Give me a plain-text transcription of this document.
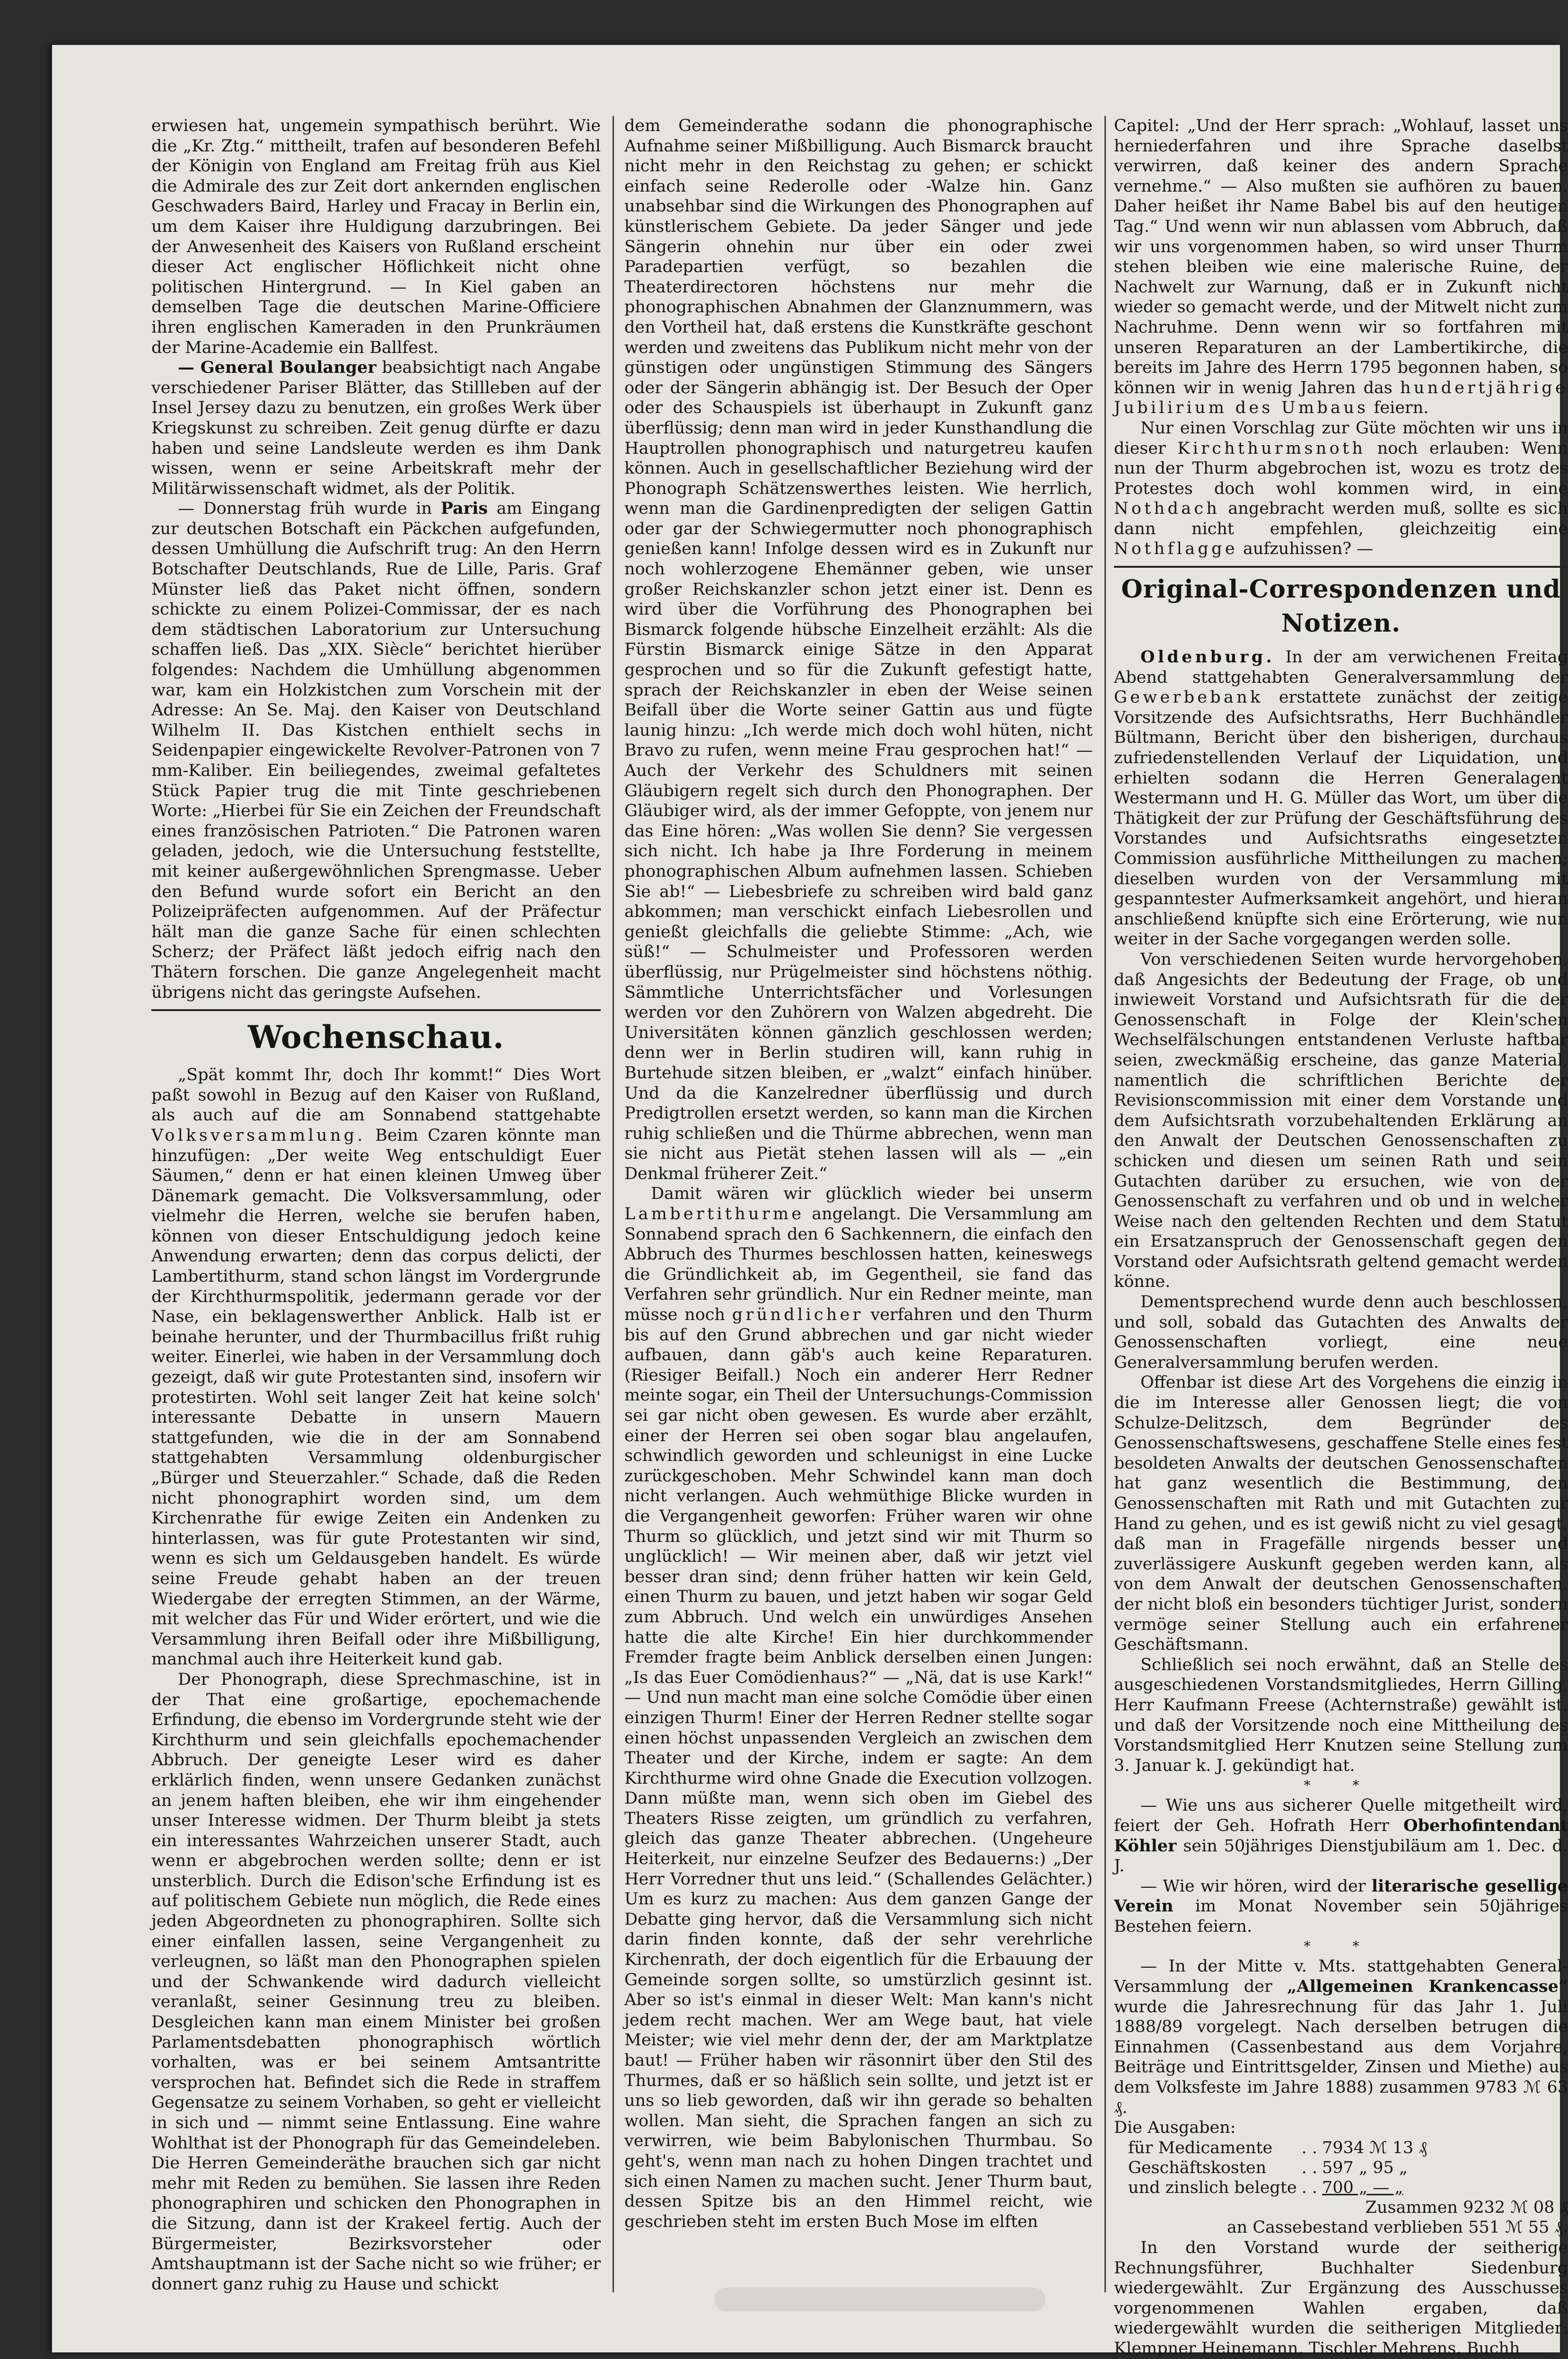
erwiesen hat, ungemein sympathisch berührt. Wie die „Kr. Ztg.“ mittheilt, trafen auf besonderen Befehl der Königin von England am Freitag früh aus Kiel die Admirale des zur Zeit dort ankernden englischen Geschwaders Baird, Harley und Fracay in Berlin ein, um dem Kaiser ihre Huldigung darzubringen. Bei der Anwesenheit des Kaisers von Rußland erscheint dieser Act englischer Höflichkeit nicht ohne politischen Hintergrund. — In Kiel gaben an demselben Tage die deutschen Marine-Officiere ihren englischen Kameraden in den Prunkräumen der Marine-Academie ein Ballfest.

— General Boulanger beabsichtigt nach Angabe verschiedener Pariser Blätter, das Stillleben auf der Insel Jersey dazu zu benutzen, ein großes Werk über Kriegskunst zu schreiben. Zeit genug dürfte er dazu haben und seine Landsleute werden es ihm Dank wissen, wenn er seine Arbeitskraft mehr der Militärwissenschaft widmet, als der Politik.

— Donnerstag früh wurde in Paris am Eingang zur deutschen Botschaft ein Päckchen aufgefunden, dessen Umhüllung die Aufschrift trug: An den Herrn Botschafter Deutschlands, Rue de Lille, Paris. Graf Münster ließ das Paket nicht öffnen, sondern schickte zu einem Polizei-Commissar, der es nach dem städtischen Laboratorium zur Untersuchung schaffen ließ. Das „XIX. Siècle“ berichtet hierüber folgendes: Nachdem die Umhüllung abgenommen war, kam ein Holzkistchen zum Vorschein mit der Adresse: An Se. Maj. den Kaiser von Deutschland Wilhelm II. Das Kistchen enthielt sechs in Seidenpapier eingewickelte Revolver-Patronen von 7 mm-Kaliber. Ein beiliegendes, zweimal gefaltetes Stück Papier trug die mit Tinte geschriebenen Worte: „Hierbei für Sie ein Zeichen der Freundschaft eines französischen Patrioten.“ Die Patronen waren geladen, jedoch, wie die Untersuchung feststellte, mit keiner außergewöhnlichen Sprengmasse. Ueber den Befund wurde sofort ein Bericht an den Polizeipräfecten aufgenommen. Auf der Präfectur hält man die ganze Sache für einen schlechten Scherz; der Präfect läßt jedoch eifrig nach den Thätern forschen. Die ganze Angelegenheit macht übrigens nicht das geringste Aufsehen.

Wochenschau.

„Spät kommt Ihr, doch Ihr kommt!“ Dies Wort paßt sowohl in Bezug auf den Kaiser von Rußland, als auch auf die am Sonnabend stattgehabte Volksversammlung. Beim Czaren könnte man hinzufügen: „Der weite Weg entschuldigt Euer Säumen,“ denn er hat einen kleinen Umweg über Dänemark gemacht. Die Volksversammlung, oder vielmehr die Herren, welche sie berufen haben, können von dieser Entschuldigung jedoch keine Anwendung erwarten; denn das corpus delicti, der Lambertithurm, stand schon längst im Vordergrunde der Kirchthurmspolitik, jedermann gerade vor der Nase, ein beklagenswerther Anblick. Halb ist er beinahe herunter, und der Thurmbacillus frißt ruhig weiter. Einerlei, wie haben in der Versammlung doch gezeigt, daß wir gute Protestanten sind, insofern wir protestirten. Wohl seit langer Zeit hat keine solch' interessante Debatte in unsern Mauern stattgefunden, wie die in der am Sonnabend stattgehabten Versammlung oldenburgischer „Bürger und Steuerzahler.“ Schade, daß die Reden nicht phonographirt worden sind, um dem Kirchenrathe für ewige Zeiten ein Andenken zu hinterlassen, was für gute Protestanten wir sind, wenn es sich um Geldausgeben handelt. Es würde seine Freude gehabt haben an der treuen Wiedergabe der erregten Stimmen, an der Wärme, mit welcher das Für und Wider erörtert, und wie die Versammlung ihren Beifall oder ihre Mißbilligung, manchmal auch ihre Heiterkeit kund gab.

Der Phonograph, diese Sprechmaschine, ist in der That eine großartige, epochemachende Erfindung, die ebenso im Vordergrunde steht wie der Kirchthurm und sein gleichfalls epochemachender Abbruch. Der geneigte Leser wird es daher erklärlich finden, wenn unsere Gedanken zunächst an jenem haften bleiben, ehe wir ihm eingehender unser Interesse widmen. Der Thurm bleibt ja stets ein interessantes Wahrzeichen unserer Stadt, auch wenn er abgebrochen werden sollte; denn er ist unsterblich. Durch die Edison'sche Erfindung ist es auf politischem Gebiete nun möglich, die Rede eines jeden Abgeordneten zu phonographiren. Sollte sich einer einfallen lassen, seine Vergangenheit zu verleugnen, so läßt man den Phonographen spielen und der Schwankende wird dadurch vielleicht veranlaßt, seiner Gesinnung treu zu bleiben. Desgleichen kann man einem Minister bei großen Parlamentsdebatten phonographisch wörtlich vorhalten, was er bei seinem Amtsantritte versprochen hat. Befindet sich die Rede in straffem Gegensatze zu seinem Vorhaben, so geht er vielleicht in sich und — nimmt seine Entlassung. Eine wahre Wohlthat ist der Phonograph für das Gemeindeleben. Die Herren Gemeinderäthe brauchen sich gar nicht mehr mit Reden zu bemühen. Sie lassen ihre Reden phonographiren und schicken den Phonographen in die Sitzung, dann ist der Krakeel fertig. Auch der Bürgermeister, Bezirksvorsteher oder Amtshauptmann ist der Sache nicht so wie früher; er donnert ganz ruhig zu Hause und schickt

dem Gemeinderathe sodann die phonographische Aufnahme seiner Mißbilligung. Auch Bismarck braucht nicht mehr in den Reichstag zu gehen; er schickt einfach seine Rederolle oder -Walze hin. Ganz unabsehbar sind die Wirkungen des Phonographen auf künstlerischem Gebiete. Da jeder Sänger und jede Sängerin ohnehin nur über ein oder zwei Paradepartien verfügt, so bezahlen die Theaterdirectoren höchstens nur mehr die phonographischen Abnahmen der Glanznummern, was den Vortheil hat, daß erstens die Kunstkräfte geschont werden und zweitens das Publikum nicht mehr von der günstigen oder ungünstigen Stimmung des Sängers oder der Sängerin abhängig ist. Der Besuch der Oper oder des Schauspiels ist überhaupt in Zukunft ganz überflüssig; denn man wird in jeder Kunsthandlung die Hauptrollen phonographisch und naturgetreu kaufen können. Auch in gesellschaftlicher Beziehung wird der Phonograph Schätzenswerthes leisten. Wie herrlich, wenn man die Gardinenpredigten der seligen Gattin oder gar der Schwiegermutter noch phonographisch genießen kann! Infolge dessen wird es in Zukunft nur noch wohlerzogene Ehemänner geben, wie unser großer Reichskanzler schon jetzt einer ist. Denn es wird über die Vorführung des Phonographen bei Bismarck folgende hübsche Einzelheit erzählt: Als die Fürstin Bismarck einige Sätze in den Apparat gesprochen und so für die Zukunft gefestigt hatte, sprach der Reichskanzler in eben der Weise seinen Beifall über die Worte seiner Gattin aus und fügte launig hinzu: „Ich werde mich doch wohl hüten, nicht Bravo zu rufen, wenn meine Frau gesprochen hat!“ — Auch der Verkehr des Schuldners mit seinen Gläubigern regelt sich durch den Phonographen. Der Gläubiger wird, als der immer Gefoppte, von jenem nur das Eine hören: „Was wollen Sie denn? Sie vergessen sich nicht. Ich habe ja Ihre Forderung in meinem phonographischen Album aufnehmen lassen. Schieben Sie ab!“ — Liebesbriefe zu schreiben wird bald ganz abkommen; man verschickt einfach Liebesrollen und genießt gleichfalls die geliebte Stimme: „Ach, wie süß!“ — Schulmeister und Professoren werden überflüssig, nur Prügelmeister sind höchstens nöthig. Sämmtliche Unterrichtsfächer und Vorlesungen werden vor den Zuhörern von Walzen abgedreht. Die Universitäten können gänzlich geschlossen werden; denn wer in Berlin studiren will, kann ruhig in Burtehude sitzen bleiben, er „walzt“ einfach hinüber. Und da die Kanzelredner überflüssig und durch Predigtrollen ersetzt werden, so kann man die Kirchen ruhig schließen und die Thürme abbrechen, wenn man sie nicht aus Pietät stehen lassen will als — „ein Denkmal früherer Zeit.“

Damit wären wir glücklich wieder bei unserm Lambertithurme angelangt. Die Versammlung am Sonnabend sprach den 6 Sachkennern, die einfach den Abbruch des Thurmes beschlossen hatten, keineswegs die Gründlichkeit ab, im Gegentheil, sie fand das Verfahren sehr gründlich. Nur ein Redner meinte, man müsse noch gründlicher verfahren und den Thurm bis auf den Grund abbrechen und gar nicht wieder aufbauen, dann gäb's auch keine Reparaturen. (Riesiger Beifall.) Noch ein anderer Herr Redner meinte sogar, ein Theil der Untersuchungs-Commission sei gar nicht oben gewesen. Es wurde aber erzählt, einer der Herren sei oben sogar blau angelaufen, schwindlich geworden und schleunigst in eine Lucke zurückgeschoben. Mehr Schwindel kann man doch nicht verlangen. Auch wehmüthige Blicke wurden in die Vergangenheit geworfen: Früher waren wir ohne Thurm so glücklich, und jetzt sind wir mit Thurm so unglücklich! — Wir meinen aber, daß wir jetzt viel besser dran sind; denn früher hatten wir kein Geld, einen Thurm zu bauen, und jetzt haben wir sogar Geld zum Abbruch. Und welch ein unwürdiges Ansehen hatte die alte Kirche! Ein hier durchkommender Fremder fragte beim Anblick derselben einen Jungen: „Is das Euer Comödienhaus?“ — „Nä, dat is use Kark!“ — Und nun macht man eine solche Comödie über einen einzigen Thurm! Einer der Herren Redner stellte sogar einen höchst unpassenden Vergleich an zwischen dem Theater und der Kirche, indem er sagte: An dem Kirchthurme wird ohne Gnade die Execution vollzogen. Dann müßte man, wenn sich oben im Giebel des Theaters Risse zeigten, um gründlich zu verfahren, gleich das ganze Theater abbrechen. (Ungeheure Heiterkeit, nur einzelne Seufzer des Bedauerns:) „Der Herr Vorredner thut uns leid.“ (Schallendes Gelächter.) Um es kurz zu machen: Aus dem ganzen Gange der Debatte ging hervor, daß die Versammlung sich nicht darin finden konnte, daß der sehr verehrliche Kirchenrath, der doch eigentlich für die Erbauung der Gemeinde sorgen sollte, so umstürzlich gesinnt ist. Aber so ist's einmal in dieser Welt: Man kann's nicht jedem recht machen. Wer am Wege baut, hat viele Meister; wie viel mehr denn der, der am Marktplatze baut! — Früher haben wir räsonnirt über den Stil des Thurmes, daß er so häßlich sein sollte, und jetzt ist er uns so lieb geworden, daß wir ihn gerade so behalten wollen. Man sieht, die Sprachen fangen an sich zu verwirren, wie beim Babylonischen Thurmbau. So geht's, wenn man nach zu hohen Dingen trachtet und sich einen Namen zu machen sucht. Jener Thurm baut, dessen Spitze bis an den Himmel reicht, wie geschrieben steht im ersten Buch Mose im elften

Capitel: „Und der Herr sprach: „Wohlauf, lasset uns herniederfahren und ihre Sprache daselbst verwirren, daß keiner des andern Sprache vernehme.“ — Also mußten sie aufhören zu bauen. Daher heißet ihr Name Babel bis auf den heutigen Tag.“ Und wenn wir nun ablassen vom Abbruch, daß wir uns vorgenommen haben, so wird unser Thurm stehen bleiben wie eine malerische Ruine, der Nachwelt zur Warnung, daß er in Zukunft nicht wieder so gemacht werde, und der Mitwelt nicht zum Nachruhme. Denn wenn wir so fortfahren mit unseren Reparaturen an der Lambertikirche, die bereits im Jahre des Herrn 1795 begonnen haben, so können wir in wenig Jahren das hundertjährige Jubilirium des Umbaus feiern.

Nur einen Vorschlag zur Güte möchten wir uns in dieser Kirchthurmsnoth noch erlauben: Wenn nun der Thurm abgebrochen ist, wozu es trotz des Protestes doch wohl kommen wird, in eine Nothdach angebracht werden muß, sollte es sich dann nicht empfehlen, gleichzeitig eine Nothflagge aufzuhissen? —

Original-Correspondenzen und Notizen.

Oldenburg. In der am verwichenen Freitag Abend stattgehabten Generalversammlung der Gewerbebank erstattete zunächst der zeitige Vorsitzende des Aufsichtsraths, Herr Buchhändler Bültmann, Bericht über den bisherigen, durchaus zufriedenstellenden Verlauf der Liquidation, und erhielten sodann die Herren Generalagent Westermann und H. G. Müller das Wort, um über die Thätigkeit der zur Prüfung der Geschäftsführung des Vorstandes und Aufsichtsraths eingesetzten Commission ausführliche Mittheilungen zu machen; dieselben wurden von der Versammlung mit gespanntester Aufmerksamkeit angehört, und hieran anschließend knüpfte sich eine Erörterung, wie nun weiter in der Sache vorgegangen werden solle.

Von verschiedenen Seiten wurde hervorgehoben, daß Angesichts der Bedeutung der Frage, ob und inwieweit Vorstand und Aufsichtsrath für die der Genossenschaft in Folge der Klein'schen Wechselfälschungen entstandenen Verluste haftbar seien, zweckmäßig erscheine, das ganze Material, namentlich die schriftlichen Berichte der Revisionscommission mit einer dem Vorstande und dem Aufsichtsrath vorzubehaltenden Erklärung an den Anwalt der Deutschen Genossenschaften zu schicken und diesen um seinen Rath und sein Gutachten darüber zu ersuchen, wie von der Genossenschaft zu verfahren und ob und in welcher Weise nach den geltenden Rechten und dem Statut ein Ersatzanspruch der Genossenschaft gegen den Vorstand oder Aufsichtsrath geltend gemacht werden könne.

Dementsprechend wurde denn auch beschlossen, und soll, sobald das Gutachten des Anwalts der Genossenschaften vorliegt, eine neue Generalversammlung berufen werden.

Offenbar ist diese Art des Vorgehens die einzig in die im Interesse aller Genossen liegt; die von Schulze-Delitzsch, dem Begründer des Genossenschaftswesens, geschaffene Stelle eines fest besoldeten Anwalts der deutschen Genossenschaften hat ganz wesentlich die Bestimmung, den Genossenschaften mit Rath und mit Gutachten zur Hand zu gehen, und es ist gewiß nicht zu viel gesagt, daß man in Fragefälle nirgends besser und zuverlässigere Auskunft gegeben werden kann, als von dem Anwalt der deutschen Genossenschaften, der nicht bloß ein besonders tüchtiger Jurist, sondern vermöge seiner Stellung auch ein erfahrener Geschäftsmann.

Schließlich sei noch erwähnt, daß an Stelle des ausgeschiedenen Vorstandsmitgliedes, Herrn Gilling, Herr Kaufmann Freese (Achternstraße) gewählt ist, und daß der Vorsitzende noch eine Mittheilung des Vorstandsmitglied Herr Knutzen seine Stellung zum 3. Januar k. J. gekündigt hat.

* *

— Wie uns aus sicherer Quelle mitgetheilt wird, feiert der Geh. Hofrath Herr Oberhofintendant Köhler sein 50jähriges Dienstjubiläum am 1. Dec. d. J.

— Wie wir hören, wird der literarische gesellige Verein im Monat November sein 50jähriges Bestehen feiern.

* *

— In der Mitte v. Mts. stattgehabten General-Versammlung der „Allgemeinen Krankencasse“ wurde die Jahresrechnung für das Jahr 1. Juli 1888/89 vorgelegt. Nach derselben betrugen die Einnahmen (Cassenbestand aus dem Vorjahre, Beiträge und Eintrittsgelder, Zinsen und Miethe) aus dem Volksfeste im Jahre 1888) zusammen 9783 ℳ 63 ₰.

Die Ausgaben:

für Medicamente	. .	7934 ℳ 13 ₰
Geschäftskosten	. .	597 „ 95 „
und zinslich belegte	. .	700 „ — „

Zusammen 9232 ℳ 08 ₰

an Cassebestand verblieben 551 ℳ 55 ₰.

In den Vorstand wurde der seitherige Rechnungsführer, Buchhalter Siedenburg wiedergewählt. Zur Ergänzung des Ausschusses vorgenommenen Wahlen ergaben, daß wiedergewählt wurden die seitherigen Mitglieder: Klempner Heinemann, Tischler Mehrens, Buchh
